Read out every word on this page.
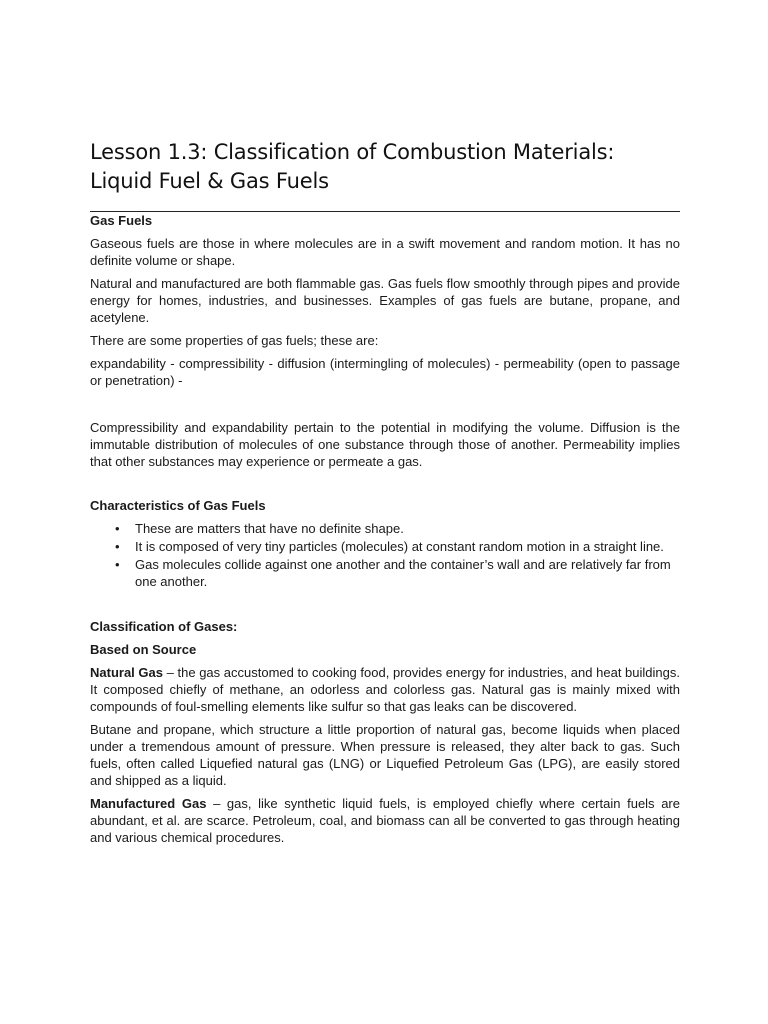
Lesson 1.3: Classification of Combustion Materials:
Liquid Fuel & Gas Fuels

Gas Fuels

Gaseous fuels are those in where molecules are in a swift movement and random motion. It has no definite volume or shape.

Natural and manufactured are both flammable gas. Gas fuels flow smoothly through pipes and provide energy for homes, industries, and businesses. Examples of gas fuels are butane, propane, and acetylene.

There are some properties of gas fuels; these are:

expandability - compressibility - diffusion (intermingling of molecules) - permeability (open to passage or penetration) -

Compressibility and expandability pertain to the potential in modifying the volume. Diffusion is the immutable distribution of molecules of one substance through those of another. Permeability implies that other substances may experience or permeate a gas.

Characteristics of Gas Fuels

• These are matters that have no definite shape.
• It is composed of very tiny particles (molecules) at constant random motion in a straight line.
• Gas molecules collide against one another and the container’s wall and are relatively far from one another.

Classification of Gases:

Based on Source

Natural Gas – the gas accustomed to cooking food, provides energy for industries, and heat buildings. It composed chiefly of methane, an odorless and colorless gas. Natural gas is mainly mixed with compounds of foul-smelling elements like sulfur so that gas leaks can be discovered.

Butane and propane, which structure a little proportion of natural gas, become liquids when placed under a tremendous amount of pressure. When pressure is released, they alter back to gas. Such fuels, often called Liquefied natural gas (LNG) or Liquefied Petroleum Gas (LPG), are easily stored and shipped as a liquid.

Manufactured Gas – gas, like synthetic liquid fuels, is employed chiefly where certain fuels are abundant, et al. are scarce. Petroleum, coal, and biomass can all be converted to gas through heating and various chemical procedures.
